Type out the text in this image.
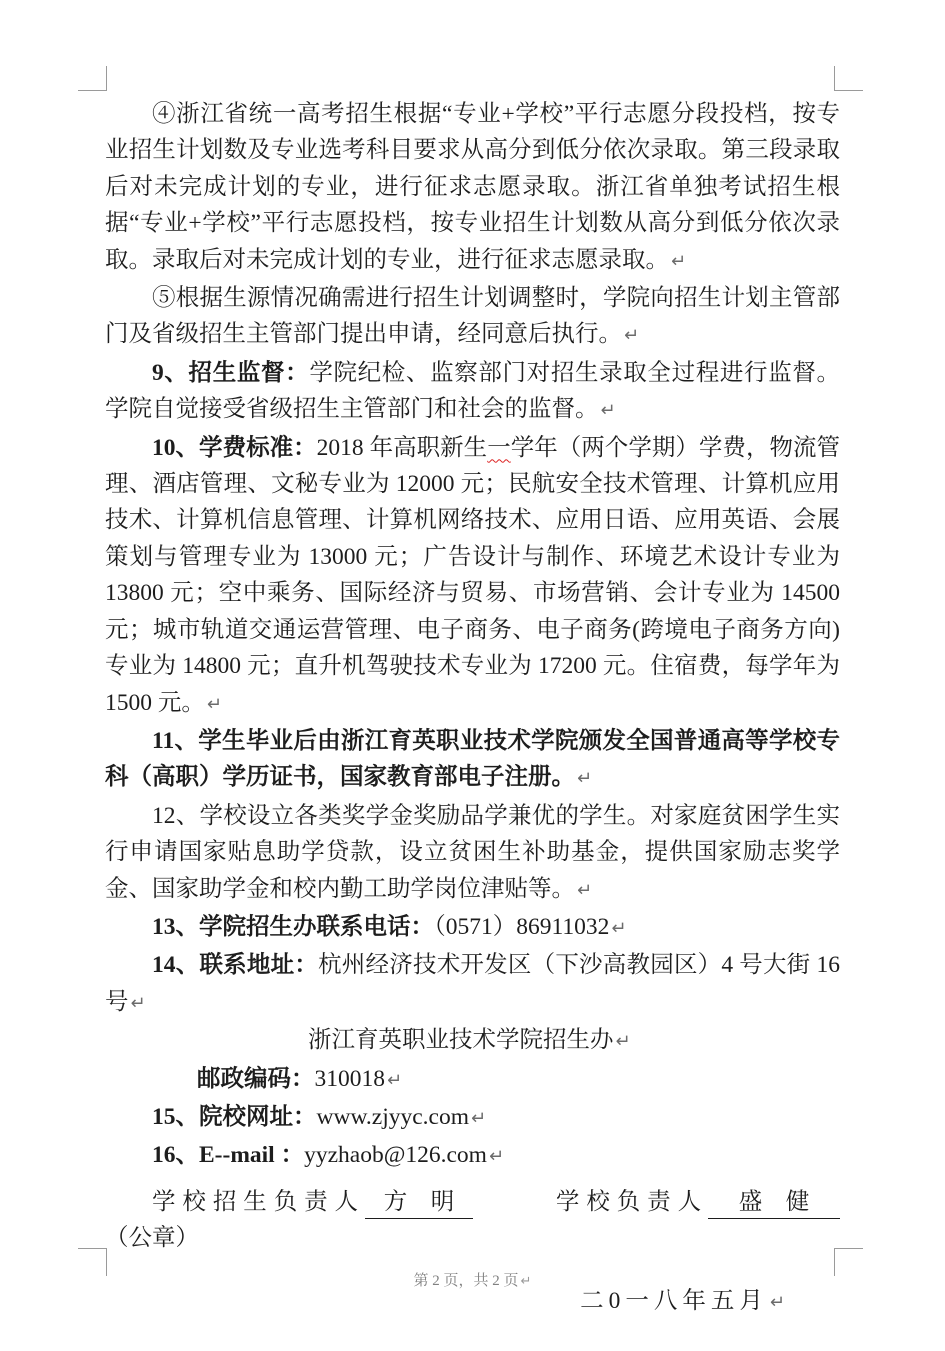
④浙江省统一高考招生根据“专业+学校”平行志愿分段投档，按专业招生计划数及专业选考科目要求从高分到低分依次录取。第三段录取后对未完成计划的专业，进行征求志愿录取。浙江省单独考试招生根据“专业+学校”平行志愿投档，按专业招生计划数从高分到低分依次录取。录取后对未完成计划的专业，进行征求志愿录取。 ↵
⑤根据生源情况确需进行招生计划调整时，学院向招生计划主管部门及省级招生主管部门提出申请，经同意后执行。 ↵
9、招生监督：学院纪检、监察部门对招生录取全过程进行监督。学院自觉接受省级招生主管部门和社会的监督。 ↵
10、学费标准：2018 年高职新生一学年（两个学期）学费，物流管理、酒店管理、文秘专业为 12000 元；民航安全技术管理、计算机应用技术、计算机信息管理、计算机网络技术、应用日语、应用英语、会展策划与管理专业为 13000 元；广告设计与制作、环境艺术设计专业为 13800 元；空中乘务、国际经济与贸易、市场营销、会计专业为 14500 元；城市轨道交通运营管理、电子商务、电子商务(跨境电子商务方向)专业为 14800 元；直升机驾驶技术专业为 17200 元。住宿费，每学年为 1500 元。 ↵
11、学生毕业后由浙江育英职业技术学院颁发全国普通高等学校专科（高职）学历证书，国家教育部电子注册。 ↵
12、学校设立各类奖学金奖励品学兼优的学生。对家庭贫困学生实行申请国家贴息助学贷款，设立贫困生补助基金，提供国家励志奖学金、国家助学金和校内勤工助学岗位津贴等。 ↵
13、学院招生办联系电话：（0571）86911032 ↵
14、联系地址：杭州经济技术开发区（下沙高教园区）4 号大街 16 号 ↵
浙江育英职业技术学院招生办 ↵
邮政编码：310018 ↵
15、院校网址：www.zjyyc.com ↵
16、E--mail ：yyzhaob@126.com ↵
学校招生负责人 方　明	学校负责人 盛　健（公章）
二0一八年五月 ↵
第 2 页，共 2 页 ↵
